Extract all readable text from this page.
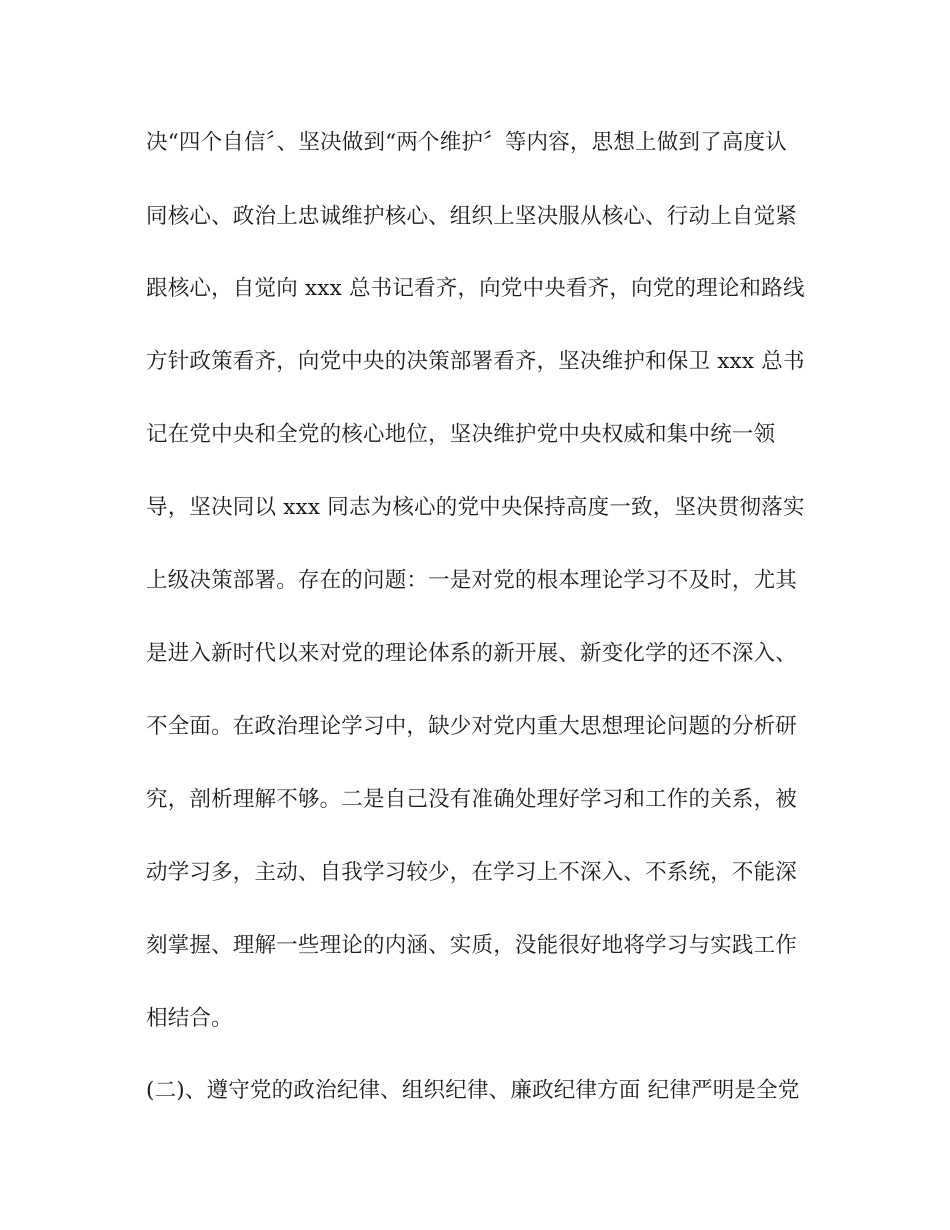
决“四个自信〞、坚决做到“两个维护〞等内容，思想上做到了高度认
同核心、政治上忠诚维护核心、组织上坚决服从核心、行动上自觉紧
跟核心，自觉向 xxx 总书记看齐，向党中央看齐，向党的理论和路线
方针政策看齐，向党中央的决策部署看齐，坚决维护和保卫 xxx 总书
记在党中央和全党的核心地位，坚决维护党中央权威和集中统一领
导，坚决同以 xxx 同志为核心的党中央保持高度一致，坚决贯彻落实
上级决策部署。存在的问题：一是对党的根本理论学习不及时，尤其
是进入新时代以来对党的理论体系的新开展、新变化学的还不深入、
不全面。在政治理论学习中，缺少对党内重大思想理论问题的分析研
究，剖析理解不够。二是自己没有准确处理好学习和工作的关系，被
动学习多，主动、自我学习较少，在学习上不深入、不系统，不能深
刻掌握、理解一些理论的内涵、实质，没能很好地将学习与实践工作
相结合。
(二)、遵守党的政治纪律、组织纪律、廉政纪律方面 纪律严明是全党
